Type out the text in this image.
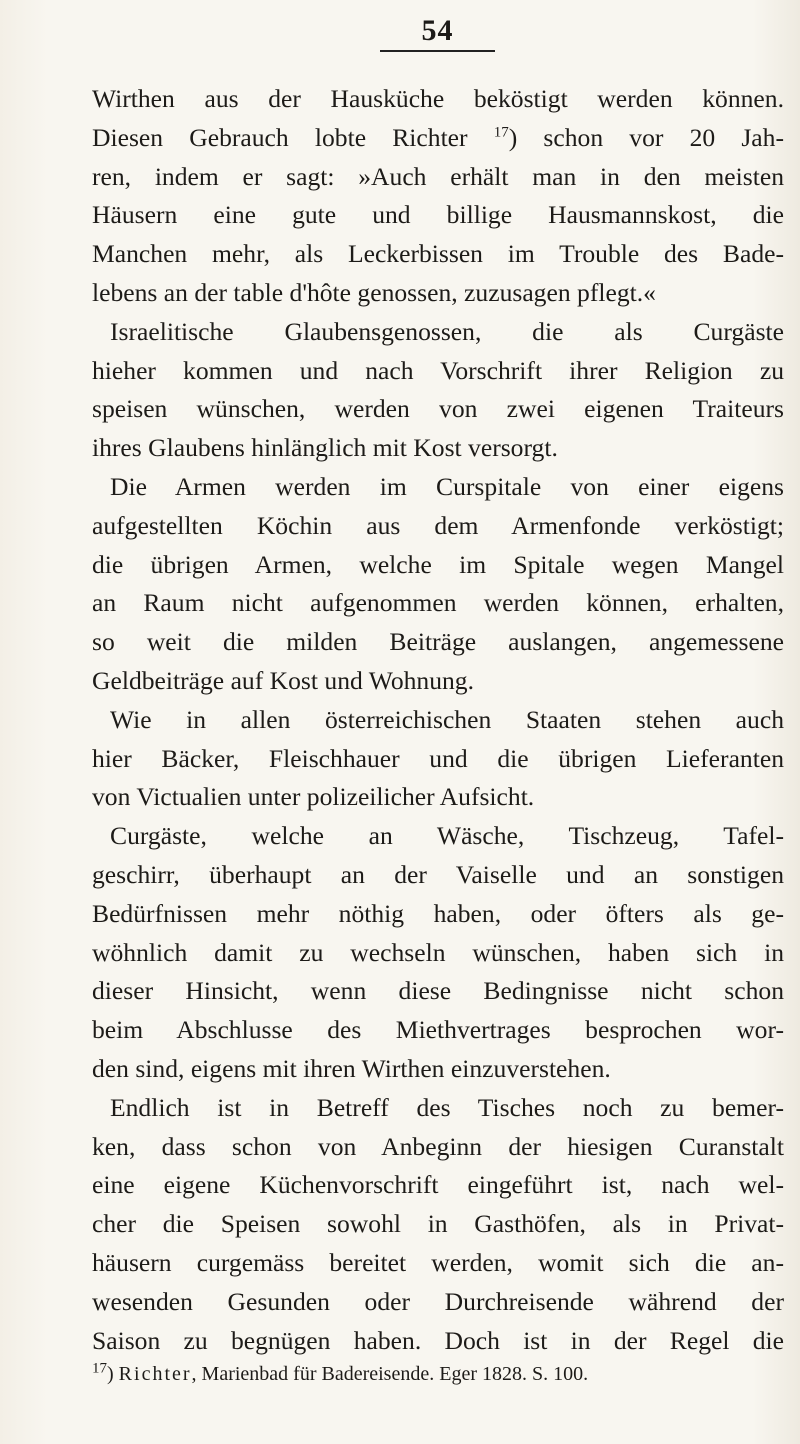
54
Wirthen aus der Hausküche beköstigt werden können.
Diesen Gebrauch lobte Richter $^{17}$) schon vor 20 Jah-
ren, indem er sagt: »Auch erhält man in den meisten
Häusern eine gute und billige Hausmannskost, die
Manchen mehr, als Leckerbissen im Trouble des Bade-
lebens an der table d'hôte genossen, zuzusagen pflegt.«
Israelitische Glaubensgenossen, die als Curgäste
hieher kommen und nach Vorschrift ihrer Religion zu
speisen wünschen, werden von zwei eigenen Traiteurs
ihres Glaubens hinlänglich mit Kost versorgt.
Die Armen werden im Curspitale von einer eigens
aufgestellten Köchin aus dem Armenfonde verköstigt;
die übrigen Armen, welche im Spitale wegen Mangel
an Raum nicht aufgenommen werden können, erhalten,
so weit die milden Beiträge auslangen, angemessene
Geldbeiträge auf Kost und Wohnung.
Wie in allen österreichischen Staaten stehen auch
hier Bäcker, Fleischhauer und die übrigen Lieferanten
von Victualien unter polizeilicher Aufsicht.
Curgäste, welche an Wäsche, Tischzeug, Tafel-
geschirr, überhaupt an der Vaiselle und an sonstigen
Bedürfnissen mehr nöthig haben, oder öfters als ge-
wöhnlich damit zu wechseln wünschen, haben sich in
dieser Hinsicht, wenn diese Bedingnisse nicht schon
beim Abschlusse des Miethvertrages besprochen wor-
den sind, eigens mit ihren Wirthen einzuverstehen.
Endlich ist in Betreff des Tisches noch zu bemer-
ken, dass schon von Anbeginn der hiesigen Curanstalt
eine eigene Küchenvorschrift eingeführt ist, nach wel-
cher die Speisen sowohl in Gasthöfen, als in Privat-
häusern curgemäss bereitet werden, womit sich die an-
wesenden Gesunden oder Durchreisende während der
Saison zu begnügen haben. Doch ist in der Regel die
$^{17}$) Richter, Marienbad für Badereisende. Eger 1828. S. 100.
